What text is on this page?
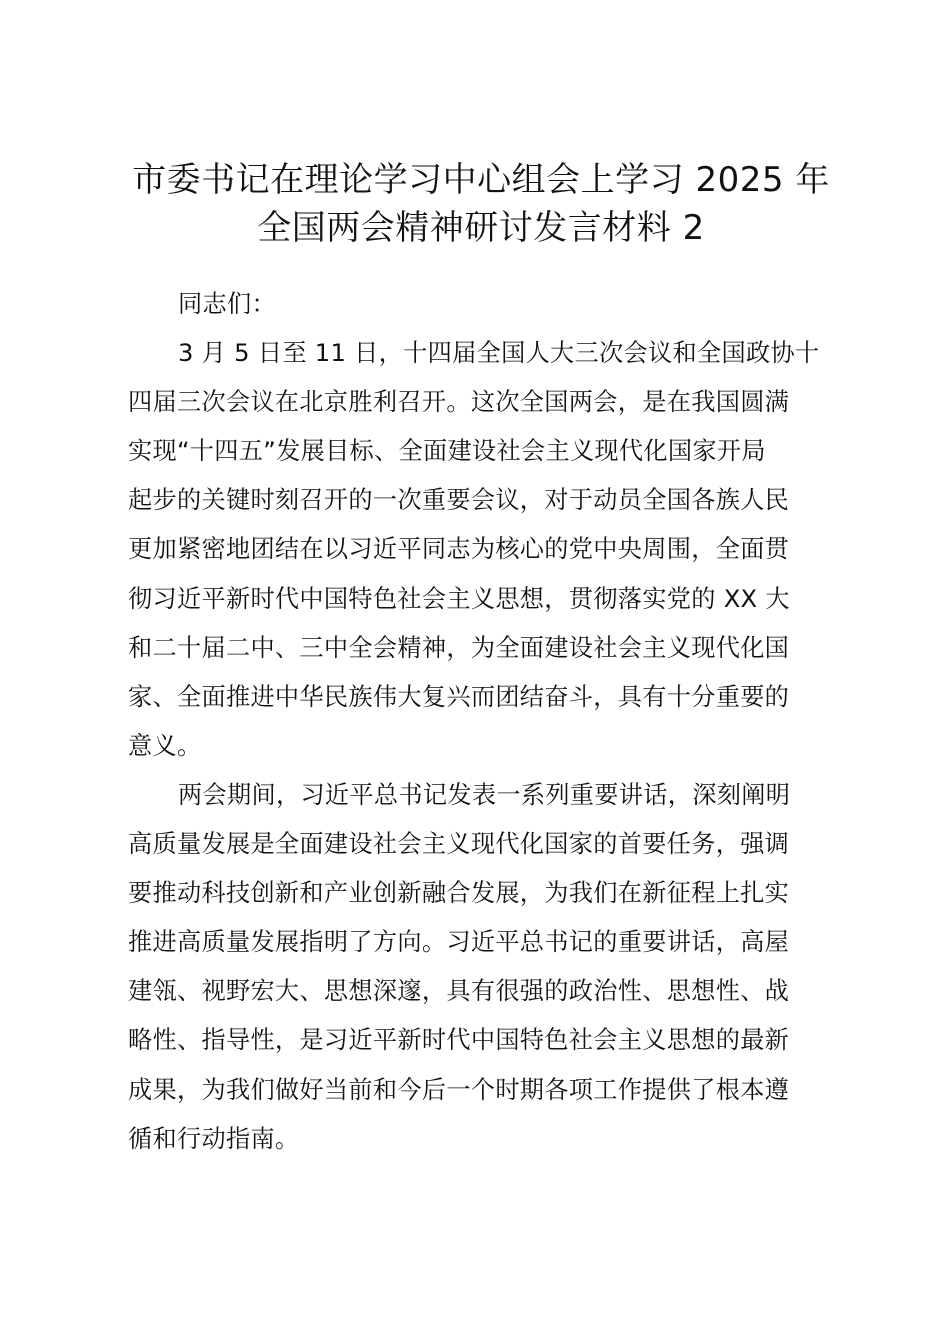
市委书记在理论学习中心组会上学习 2025 年
全国两会精神研讨发言材料 2
同志们：
3 月 5 日至 11 日，十四届全国人大三次会议和全国政协十
四届三次会议在北京胜利召开。这次全国两会，是在我国圆满
实现“十四五”发展目标、全面建设社会主义现代化国家开局
起步的关键时刻召开的一次重要会议，对于动员全国各族人民
更加紧密地团结在以习近平同志为核心的党中央周围，全面贯
彻习近平新时代中国特色社会主义思想，贯彻落实党的 XX 大
和二十届二中、三中全会精神，为全面建设社会主义现代化国
家、全面推进中华民族伟大复兴而团结奋斗，具有十分重要的
意义。
两会期间，习近平总书记发表一系列重要讲话，深刻阐明
高质量发展是全面建设社会主义现代化国家的首要任务，强调
要推动科技创新和产业创新融合发展，为我们在新征程上扎实
推进高质量发展指明了方向。习近平总书记的重要讲话，高屋
建瓴、视野宏大、思想深邃，具有很强的政治性、思想性、战
略性、指导性，是习近平新时代中国特色社会主义思想的最新
成果，为我们做好当前和今后一个时期各项工作提供了根本遵
循和行动指南。
